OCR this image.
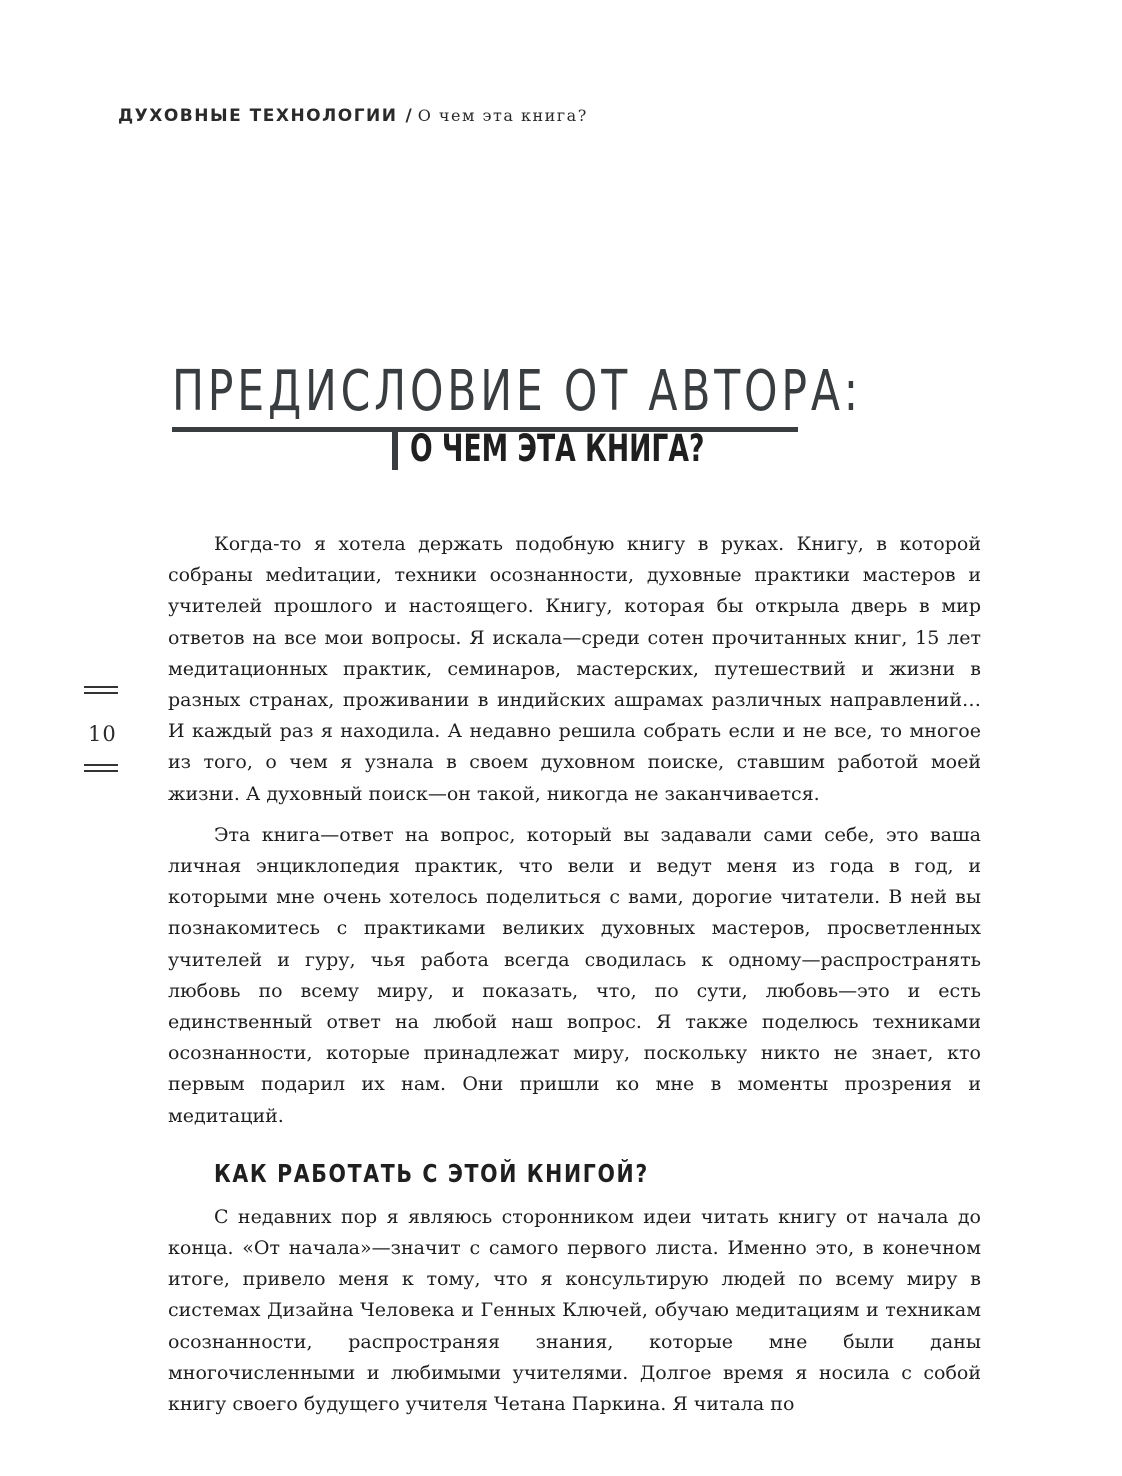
ДУХОВНЫЕ ТЕХНОЛОГИИ / О чем эта книга?
ПРЕДИСЛОВИЕ ОТ АВТОРА:
О ЧЕМ ЭТА КНИГА?
10

Когда-то я хотела держать подобную книгу в руках. Книгу, в которой собраны меdитации, техники осознанности, духовные практики мастеров и учителей прошлого и настоящего. Книгу, которая бы открыла дверь в мир ответов на все мои вопросы. Я искала—среди сотен прочитанных книг, 15 лет медитационных практик, семинаров, мастерских, путешествий и жизни в разных странах, проживании в индийских ашрамах различных направлений… И каждый раз я находила. А недавно решила собрать если и не все, то многое из того, о чем я узнала в своем духовном поиске, ставшим работой моей жизни. А духовный поиск—он такой, никогда не заканчивается.

Эта книга—ответ на вопрос, который вы задавали сами себе, это ваша личная энциклопедия практик, что вели и ведут меня из года в год, и которыми мне очень хотелось поделиться с вами, дорогие читатели. В ней вы познакомитесь с практиками великих духовных мастеров, просветленных учителей и гуру, чья работа всегда сводилась к одному—распространять любовь по всему миру, и показать, что, по сути, любовь—это и есть единственный ответ на любой наш вопрос. Я также поделюсь техниками осознанности, которые принадлежат миру, поскольку никто не знает, кто первым подарил их нам. Они пришли ко мне в моменты прозрения и медитаций.

КАК РАБОТАТЬ С ЭТОЙ КНИГОЙ?

С недавних пор я являюсь сторонником идеи читать книгу от начала до конца. «От начала»—значит с самого первого листа. Именно это, в конечном итоге, привело меня к тому, что я консультирую людей по всему миру в системах Дизайна Человека и Генных Ключей, обучаю медитациям и техникам осознанности, распространяя знания, которые мне были даны многочисленными и любимыми учителями. Долгое время я носила с собой книгу своего будущего учителя Четана Паркина. Я читала по
